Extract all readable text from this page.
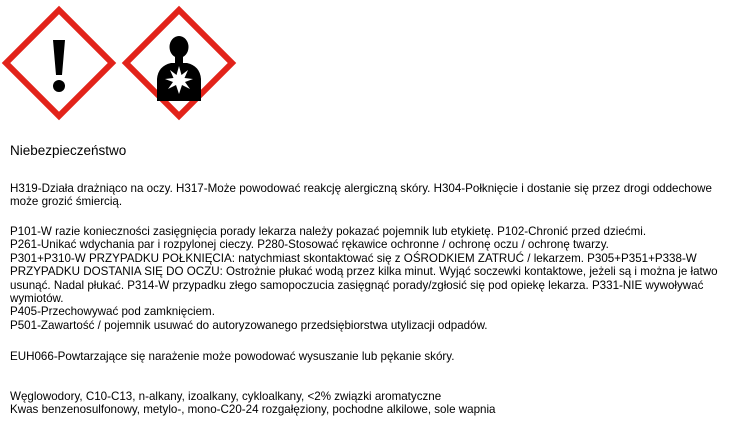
Niebezpieczeństwo

H319-Działa drażniąco na oczy. H317-Może powodować reakcję alergiczną skóry. H304-Połknięcie i dostanie się przez drogi oddechowe

może grozić śmiercią.

P101-W razie konieczności zasięgnięcia porady lekarza należy pokazać pojemnik lub etykietę. P102-Chronić przed dziećmi.

P261-Unikać wdychania par i rozpylonej cieczy. P280-Stosować rękawice ochronne / ochronę oczu / ochronę twarzy.

P301+P310-W PRZYPADKU POŁKNIĘCIA: natychmiast skontaktować się z OŚRODKIEM ZATRUĆ / lekarzem. P305+P351+P338-W

PRZYPADKU DOSTANIA SIĘ DO OCZU: Ostrożnie płukać wodą przez kilka minut. Wyjąć soczewki kontaktowe, jeżeli są i można je łatwo

usunąć. Nadal płukać. P314-W przypadku złego samopoczucia zasięgnąć porady/zgłosić się pod opiekę lekarza. P331-NIE wywoływać

wymiotów.

P405-Przechowywać pod zamknięciem.

P501-Zawartość / pojemnik usuwać do autoryzowanego przedsiębiorstwa utylizacji odpadów.

EUH066-Powtarzające się narażenie może powodować wysuszanie lub pękanie skóry.

Węglowodory, C10-C13, n-alkany, izoalkany, cykloalkany, <2% związki aromatyczne

Kwas benzenosulfonowy, metylo-, mono-C20-24 rozgałęziony, pochodne alkilowe, sole wapnia
